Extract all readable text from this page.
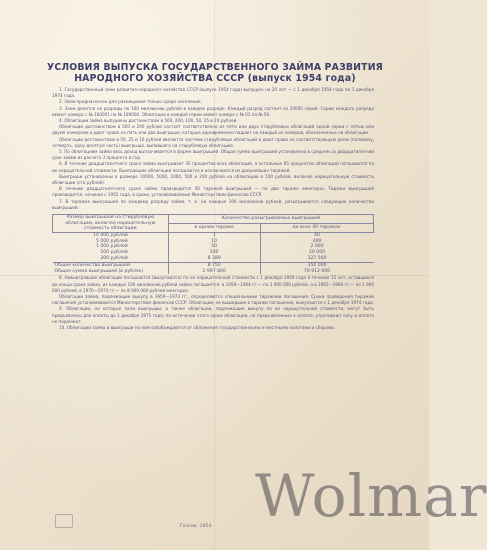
УСЛОВИЯ ВЫПУСКА ГОСУДАРСТВЕННОГО ЗАЙМА РАЗВИТИЯ
НАРОДНОГО ХОЗЯЙСТВА СССР (выпуск 1954 года)

1. Государственный заем развития народного хозяйства СССР (выпуск 1954 года) выпущен на 20 лет — с 1 декабря 1954 года по 1 декабря 1974 года.

2. Заем предназначен для размещения только среди населения.

3. Заем делится на разряды по 100 миллионов рублей в каждом разряде. Каждый разряд состоит из 20000 серий. Серии каждого разряда имеют номера с № 160001 по № 180000. Облигации в каждой серии имеют номера с № 01 по № 50.

4. Облигации займа выпущены достоинством в 500, 200, 100, 50, 25 и 10 рублей.

Облигации достоинством в 500 и 200 рублей состоят соответственно из пяти или двух сторублевых облигаций одной серии с пятью или двумя номерами и дают право на пять или два выигрыша, которые одновременно падают на каждый из номеров, обозначенных на облигации.

Облигации достоинством в 50, 25 и 10 рублей являются частями стирублевых облигаций и дают право на соответствующую долю (половину, четверть, одну десятую часть) выигрыша, выпавшего на стирублевую облигацию.

5. По облигациям займа весь доход выплачивается в форме выигрышей. Общая сумма выигрышей установлена в среднем за двадцатилетний срок займа из расчета 3 процента в год.

6. В течение двадцатилетнего срока займа выигрывает 35 процентов всех облигаций, а остальные 65 процентов облигаций погашаются по их нарицательной стоимости. Выигравшие облигации погашаются и исключаются из дальнейших тиражей.

Выигрыши установлены в размере 10000, 5000, 1000, 500 и 200 рублей на облигацию в 100 рублей, включая нарицательную стоимость облигации (сто рублей).

В течение двадцатилетнего срока займа производится 40 тиражей выигрышей — по два тиража ежегодно. Тиражи выигрышей производятся, начиная с 1955 года, в сроки, устанавливаемые Министерством финансов СССР.

7. В тиражах выигрышей по каждому разряду займа, т. е. на каждые 100 миллионов рублей, разыгрывается следующее количество выигрышей:

Размер выигрышей на стирублевую облигацию, включая нарицательную стоимость облигации	Количество разыгрываемых выигрышей	
	в одном тираже	во всех 40 тиражах
10 000 рублей	1	40
5 000 рублей	10	400
1 000 рублей	50	2 000
500 рублей	500	20 000
200 рублей	8 189	327 560
Общее количество выигрышей	8 750	350 000
Общая сумма выигрышей (в рублях)	1 997 800	79 912 000

8. Невыигравшие облигации погашаются (выкупаются) по их нарицательной стоимости с 1 декабря 1959 года в течение 15 лет, оставшихся до конца срока займа, из каждых 100 миллионов рублей займа погашается: в 1959—1964 гг.— по 1 000 000 рублей, а в 1965—1969 гг.— по 1 900 000 рублей, в 1970—1974 гг.— по 8 900 000 рублей ежегодно.

Облигации займа, подлежащие выкупу в 1959—1973 гг., определяются специальными тиражами погашения. Сроки проведения тиражей погашения устанавливаются Министерством финансов СССР. Облигации, не вышедшие в тиражи погашения, выкупаются с 1 декабря 1974 года.

9. Облигации, на которые пали выигрыши, а также облигации, подлежащие выкупу по их нарицательной стоимости, могут быть предъявлены для оплаты до 1 декабря 1975 года; по истечении этого срока облигации, не предъявленные к оплате, утрачивают силу и оплате не подлежат.

10. Облигации займа и выигрыши по ним освобождаются от обложения государственными и местными налогами и сборами.

Гознак. 1954. Wolmar
